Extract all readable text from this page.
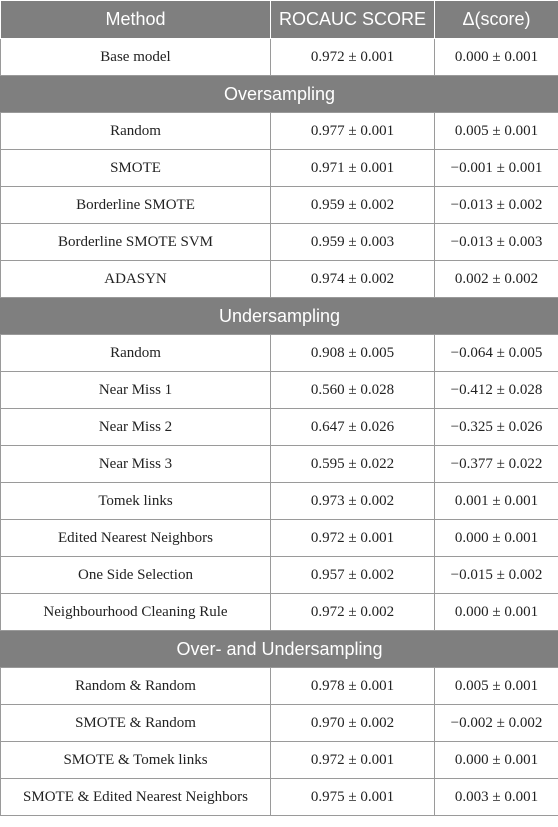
Method	ROCAUC SCORE	Δ(score)
Base model	0.972 ± 0.001	0.000 ± 0.001
Oversampling		
Random	0.977 ± 0.001	0.005 ± 0.001
SMOTE	0.971 ± 0.001	−0.001 ± 0.001
Borderline SMOTE	0.959 ± 0.002	−0.013 ± 0.002
Borderline SMOTE SVM	0.959 ± 0.003	−0.013 ± 0.003
ADASYN	0.974 ± 0.002	0.002 ± 0.002
Undersampling		
Random	0.908 ± 0.005	−0.064 ± 0.005
Near Miss 1	0.560 ± 0.028	−0.412 ± 0.028
Near Miss 2	0.647 ± 0.026	−0.325 ± 0.026
Near Miss 3	0.595 ± 0.022	−0.377 ± 0.022
Tomek links	0.973 ± 0.002	0.001 ± 0.001
Edited Nearest Neighbors	0.972 ± 0.001	0.000 ± 0.001
One Side Selection	0.957 ± 0.002	−0.015 ± 0.002
Neighbourhood Cleaning Rule	0.972 ± 0.002	0.000 ± 0.001
Over- and Undersampling		
Random & Random	0.978 ± 0.001	0.005 ± 0.001
SMOTE & Random	0.970 ± 0.002	−0.002 ± 0.002
SMOTE & Tomek links	0.972 ± 0.001	0.000 ± 0.001
SMOTE & Edited Nearest Neighbors	0.975 ± 0.001	0.003 ± 0.001
